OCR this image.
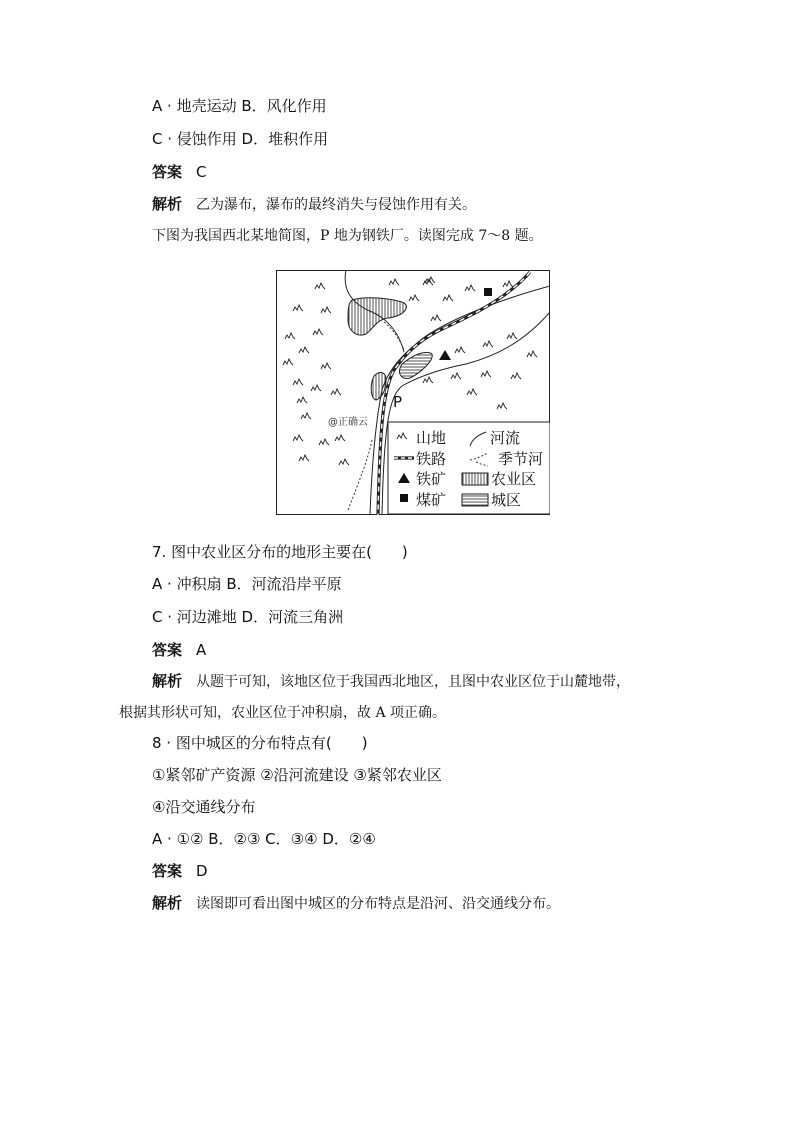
A · 地壳运动 B．风化作用
C · 侵蚀作用 D．堆积作用
答案 C
解析 乙为瀑布，瀑布的最终消失与侵蚀作用有关。
下图为我国西北某地简图，P 地为钢铁厂。读图完成 7～8 题。
P
@正确云
山地	河流
铁路	季节河
铁矿	农业区
煤矿	城区
7. 图中农业区分布的地形主要在(　　)
A · 冲积扇 B．河流沿岸平原
C · 河边滩地 D．河流三角洲
答案 A
解析 从题干可知，该地区位于我国西北地区，且图中农业区位于山麓地带，
根据其形状可知，农业区位于冲积扇，故 A 项正确。
8 · 图中城区的分布特点有(　　)
①紧邻矿产资源 ②沿河流建设 ③紧邻农业区
④沿交通线分布
A · ①② B．②③ C．③④ D．②④
答案 D
解析 读图即可看出图中城区的分布特点是沿河、沿交通线分布。
